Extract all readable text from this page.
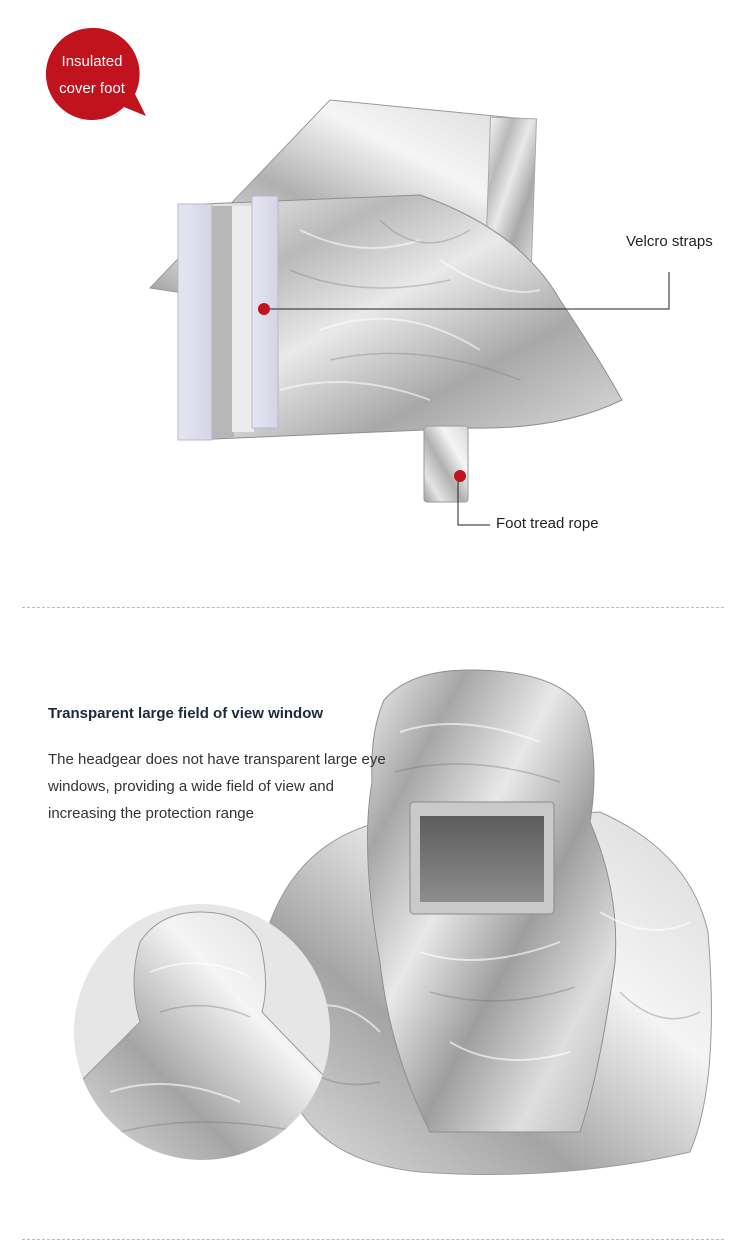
Insulated
cover foot
Velcro straps
Foot tread rope
Transparent large field of view window

The headgear does not have transparent large eye windows, providing a wide field of view and increasing the protection range
